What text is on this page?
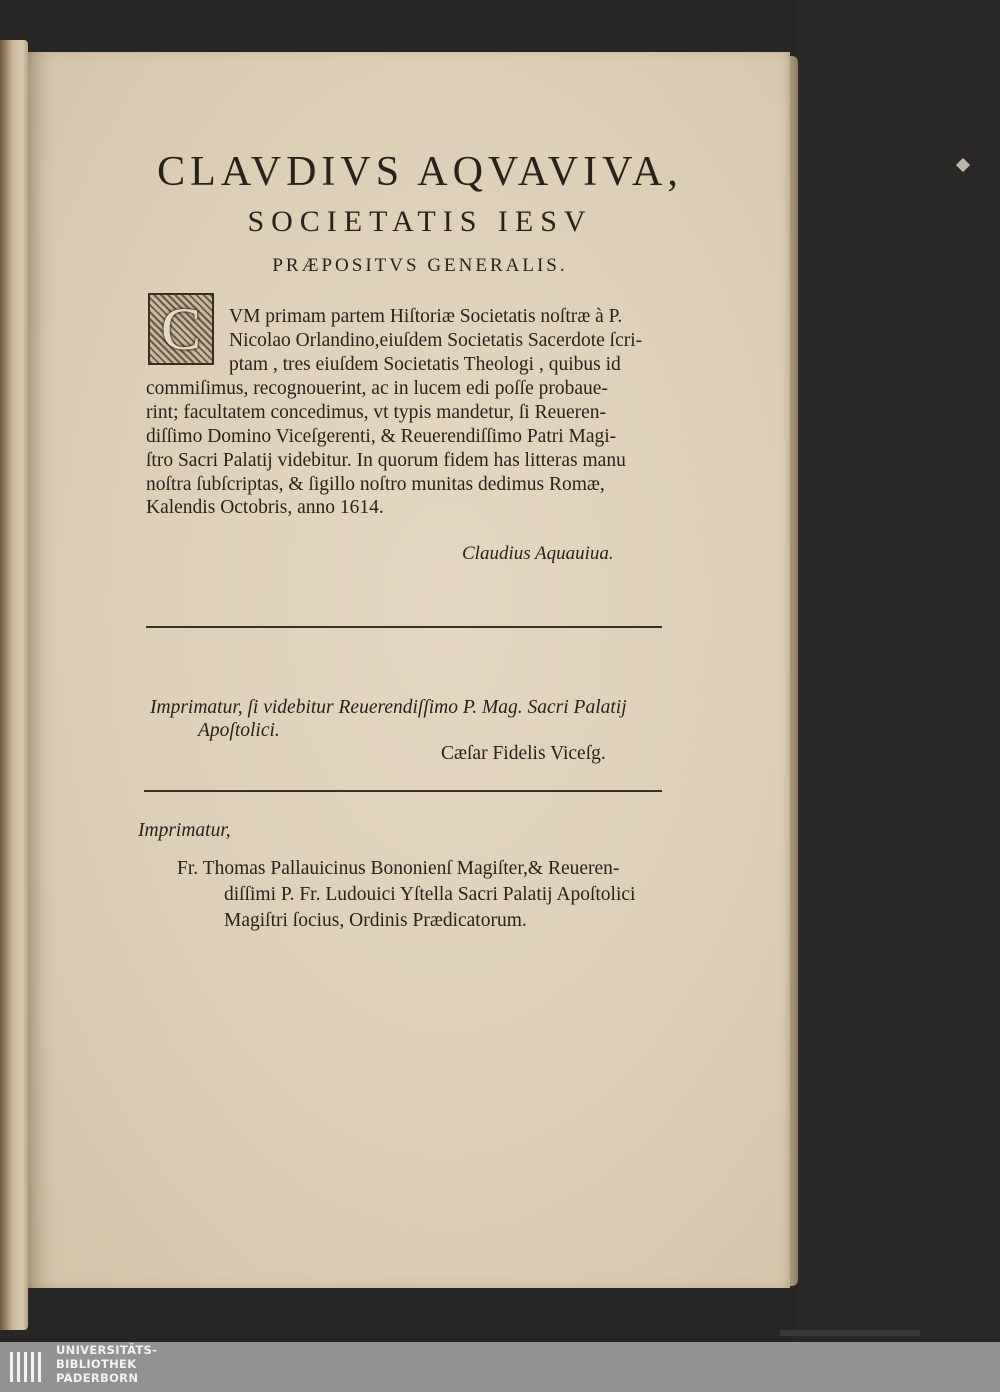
CLAVDIVS AQVAVIVA,
SOCIETATIS IESV
PRÆPOSITVS GENERALIS.
C	VM primam partem Hiſtoriæ Societatis noſtræ à P.
Nicolao Orlandino,eiuſdem Societatis Sacerdote ſcri-
ptam , tres eiuſdem Societatis Theologi , quibus id
commiſimus, recognouerint, ac in lucem edi poſſe probaue-
rint; facultatem concedimus, vt typis mandetur, ſi Reueren-
diſſimo Domino Viceſgerenti, & Reuerendiſſimo Patri Magi-
ſtro Sacri Palatij videbitur. In quorum fidem has litteras manu
noſtra ſubſcriptas, & ſigillo noſtro munitas dedimus Romæ,
Kalendis Octobris, anno 1614.
Claudius Aquauiua.
Imprimatur, ſi videbitur Reuerendiſſimo P. Mag. Sacri Palatij
Apoſtolici.
Cæſar Fidelis Viceſg.
Imprimatur,
Fr. Thomas Pallauicinus Bononienſ Magiſter,& Reueren-
diſſimi P. Fr. Ludouici Yſtella Sacri Palatij Apoſtolici
Magiſtri ſocius, Ordinis Prædicatorum.
UNIVERSITÄTS-
BIBLIOTHEK
PADERBORN
